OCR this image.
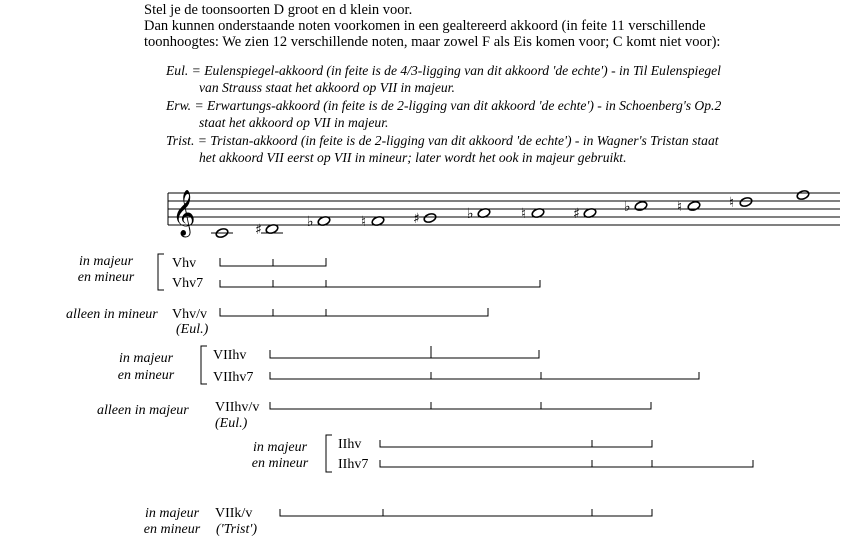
Stel je de toonsoorten D groot en d klein voor.
Dan kunnen onderstaande noten voorkomen in een gealtereerd akkoord (in feite 11 verschillende
toonhoogtes: We zien 12 verschillende noten, maar zowel F als Eis komen voor; C komt niet voor):
Eul. = Eulenspiegel-akkoord (in feite is de 4/3-ligging van dit akkoord 'de echte') - in Til Eulenspiegel
van Strauss staat het akkoord op VII in majeur.
Erw. = Erwartungs-akkoord (in feite is de 2-ligging van dit akkoord 'de echte') - in Schoenberg's Op.2
staat het akkoord op VII in majeur.
Trist. = Tristan-akkoord (in feite is de 2-ligging van dit akkoord 'de echte') - in Wagner's Tristan staat
het akkoord VII eerst op VII in mineur; later wordt het ook in majeur gebruikt.
𝄞	♯	♭	♮	♯	♭	♮	♯	♭	♮	♮
in majeur
en mineur
Vhv
Vhv7
alleen in mineur Vhv/v
(Eul.)
in majeur
en mineur
VIIhv
VIIhv7
alleen in majeur VIIhv/v
(Eul.)
in majeur
en mineur
IIhv
IIhv7
in majeur
en mineur
VIIk/v
('Trist')
